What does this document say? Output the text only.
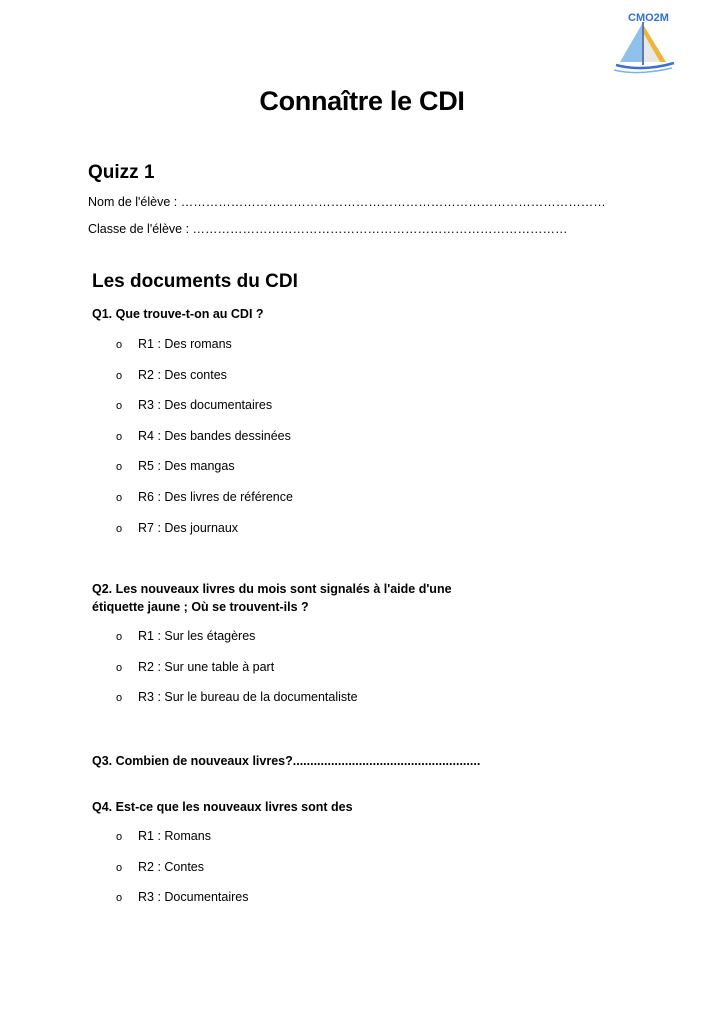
CMO2M
Connaître le CDI
Quizz 1
Nom de l'élève : …………………………………………………………………………………………
Classe de l'élève : ………………………………………………………………………………
Les documents du CDI
Q1. Que trouve-t-on au CDI ?
o R1 : Des romans
o R2 : Des contes
o R3 : Des documentaires
o R4 : Des bandes dessinées
o R5 : Des mangas
o R6 : Des livres de référence
o R7 : Des journaux
Q2. Les nouveaux livres du mois sont signalés à l'aide d'une
étiquette jaune ; Où se trouvent-ils ?
o R1 : Sur les étagères
o R2 : Sur une table à part
o R3 : Sur le bureau de la documentaliste
Q3. Combien de nouveaux livres?......................................................
Q4. Est-ce que les nouveaux livres sont des
o R1 : Romans
o R2 : Contes
o R3 : Documentaires
